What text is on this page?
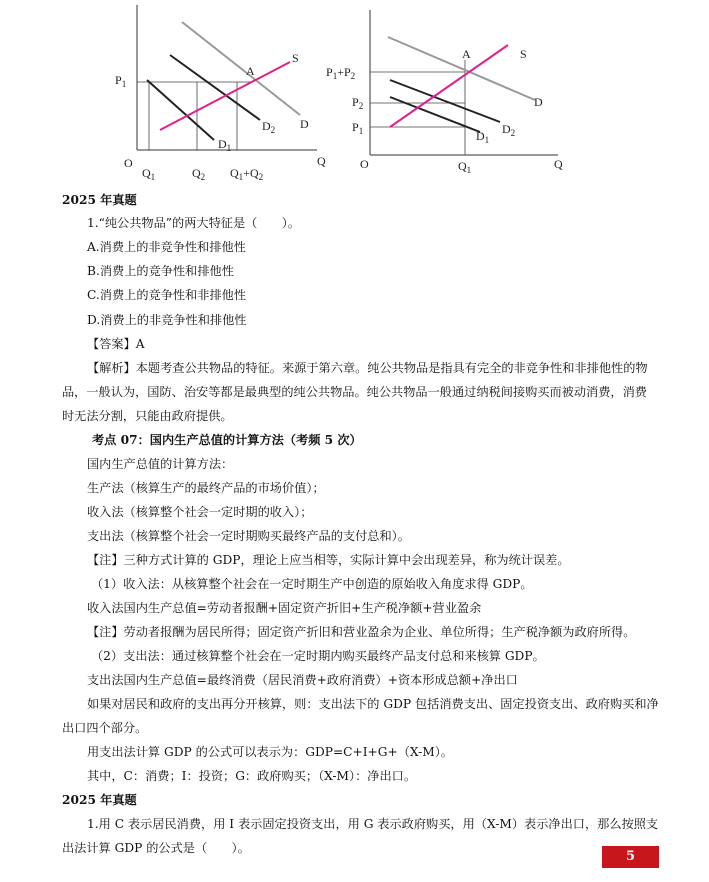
$P_1$
O	Q
$Q_1$	$Q_2$ $Q_1+Q_2$
S
A
D
$D_2$
$D_1$
$P_1+P_2$
$P_2$
$P_1$
O	Q
$Q_1$
S
A
D
$D_2$
$D_1$
2025 年真题
1.“纯公共物品”的两大特征是（　　）。
A.消费上的非竞争性和排他性
B.消费上的竞争性和排他性
C.消费上的竞争性和非排他性
D.消费上的非竞争性和排他性
【答案】A
【解析】本题考查公共物品的特征。来源于第六章。纯公共物品是指具有完全的非竞争性和非排他性的物
品，一般认为，国防、治安等都是最典型的纯公共物品。纯公共物品一般通过纳税间接购买而被动消费，消费
时无法分割，只能由政府提供。
考点 07：国内生产总值的计算方法（考频 5 次）
国内生产总值的计算方法：
生产法（核算生产的最终产品的市场价值）；
收入法（核算整个社会一定时期的收入）；
支出法（核算整个社会一定时期购买最终产品的支付总和）。
【注】三种方式计算的 GDP，理论上应当相等，实际计算中会出现差异，称为统计误差。
（1）收入法：从核算整个社会在一定时期生产中创造的原始收入角度求得 GDP。
收入法国内生产总值=劳动者报酬+固定资产折旧+生产税净额+营业盈余
【注】劳动者报酬为居民所得；固定资产折旧和营业盈余为企业、单位所得；生产税净额为政府所得。
（2）支出法：通过核算整个社会在一定时期内购买最终产品支付总和来核算 GDP。
支出法国内生产总值=最终消费（居民消费+政府消费）+资本形成总额+净出口
如果对居民和政府的支出再分开核算，则：支出法下的 GDP 包括消费支出、固定投资支出、政府购买和净
出口四个部分。
用支出法计算 GDP 的公式可以表示为：GDP=C+I+G+（X-M）。
其中，C：消费；I：投资；G：政府购买；（X-M）：净出口。
2025 年真题
1.用 C 表示居民消费，用 I 表示固定投资支出，用 G 表示政府购买，用（X-M）表示净出口，那么按照支
出法计算 GDP 的公式是（　　）。
5
